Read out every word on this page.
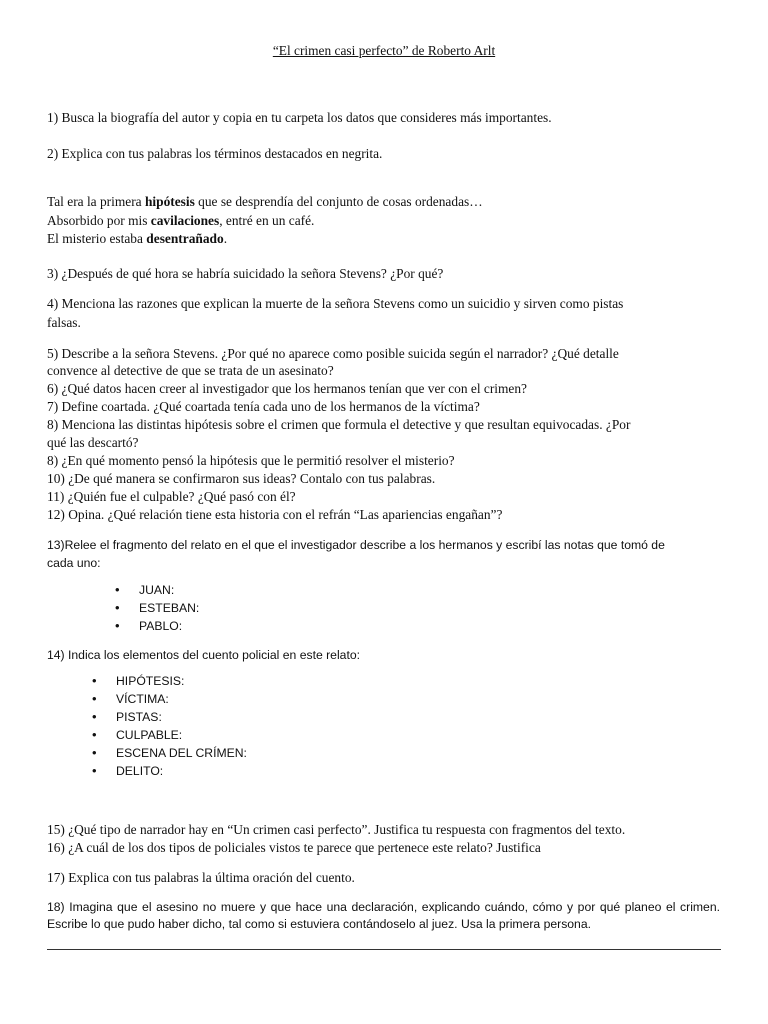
“El crimen casi perfecto” de Roberto Arlt
1) Busca la biografía del autor y copia en tu carpeta los datos que consideres más importantes.
2) Explica con tus palabras los términos destacados en negrita.
Tal era la primera hipótesis que se desprendía del conjunto de cosas ordenadas…
Absorbido por mis cavilaciones, entré en un café.
El misterio estaba desentrañado.
3) ¿Después de qué hora se habría suicidado la señora Stevens? ¿Por qué?
4) Menciona las razones que explican la muerte de la señora Stevens como un suicidio y sirven como pistas
falsas.
5) Describe a la señora Stevens. ¿Por qué no aparece como posible suicida según el narrador? ¿Qué detalle
convence al detective de que se trata de un asesinato?
6) ¿Qué datos hacen creer al investigador que los hermanos tenían que ver con el crimen?
7) Define coartada. ¿Qué coartada tenía cada uno de los hermanos de la víctima?
8) Menciona las distintas hipótesis sobre el crimen que formula el detective y que resultan equivocadas. ¿Por
qué las descartó?
8) ¿En qué momento pensó la hipótesis que le permitió resolver el misterio?
10) ¿De qué manera se confirmaron sus ideas? Contalo con tus palabras.
11) ¿Quién fue el culpable? ¿Qué pasó con él?
12) Opina. ¿Qué relación tiene esta historia con el refrán “Las apariencias engañan”?
13)Relee el fragmento del relato en el que el investigador describe a los hermanos y escribí las notas que tomó de
cada uno:
• JUAN:
• ESTEBAN:
• PABLO:
14) Indica los elementos del cuento policial en este relato:
• HIPÓTESIS:
• VÍCTIMA:
• PISTAS:
• CULPABLE:
• ESCENA DEL CRÍMEN:
• DELITO:
15) ¿Qué tipo de narrador hay en “Un crimen casi perfecto”. Justifica tu respuesta con fragmentos del texto.
16) ¿A cuál de los dos tipos de policiales vistos te parece que pertenece este relato? Justifica
17) Explica con tus palabras la última oración del cuento.
18) Imagina que el asesino no muere y que hace una declaración, explicando cuándo, cómo y por qué planeo el crimen. Escribe lo que pudo haber dicho, tal como si estuviera contándoselo al juez. Usa la primera persona.
